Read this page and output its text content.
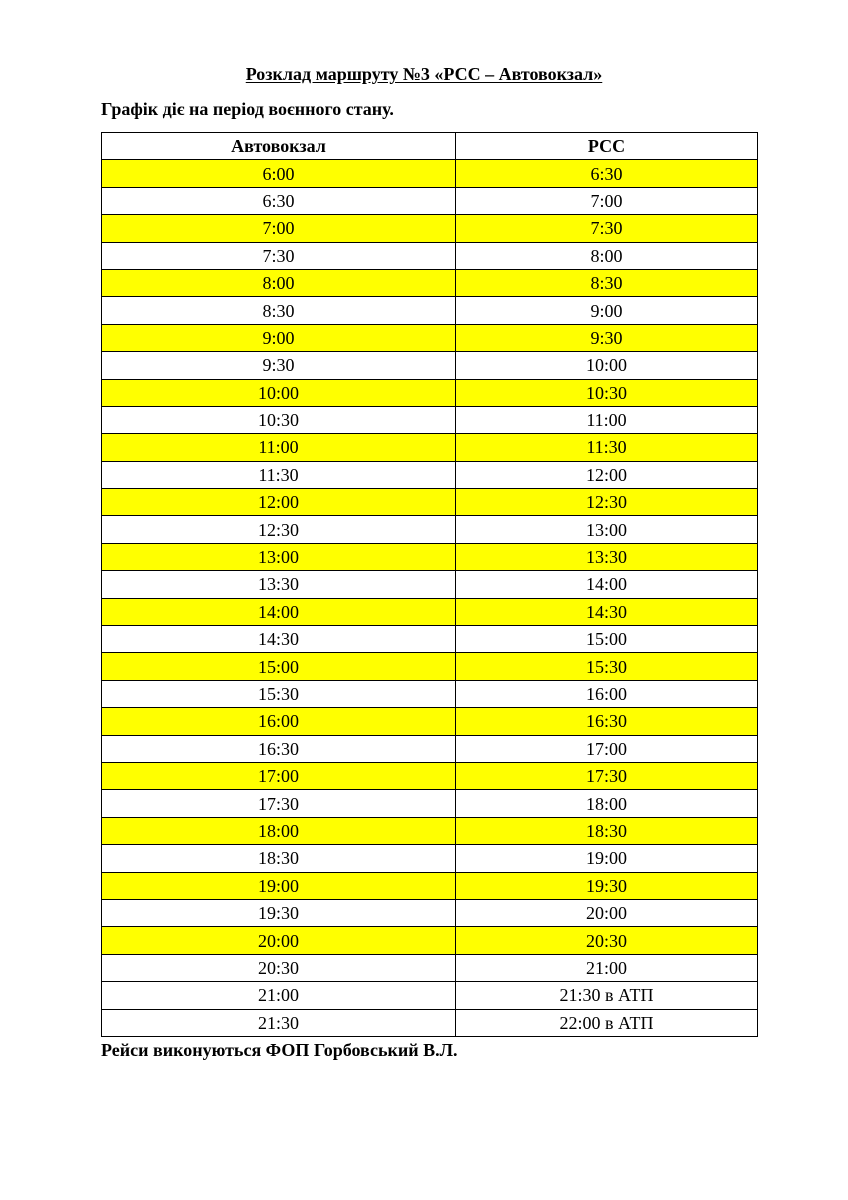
Розклад маршруту №3 «РСС – Автовокзал»
Графік діє на період воєнного стану.
Автовокзал	РСС
6:00	6:30
6:30	7:00
7:00	7:30
7:30	8:00
8:00	8:30
8:30	9:00
9:00	9:30
9:30	10:00
10:00	10:30
10:30	11:00
11:00	11:30
11:30	12:00
12:00	12:30
12:30	13:00
13:00	13:30
13:30	14:00
14:00	14:30
14:30	15:00
15:00	15:30
15:30	16:00
16:00	16:30
16:30	17:00
17:00	17:30
17:30	18:00
18:00	18:30
18:30	19:00
19:00	19:30
19:30	20:00
20:00	20:30
20:30	21:00
21:00	21:30 в АТП
21:30	22:00 в АТП
Рейси виконуються ФОП Горбовський В.Л.
